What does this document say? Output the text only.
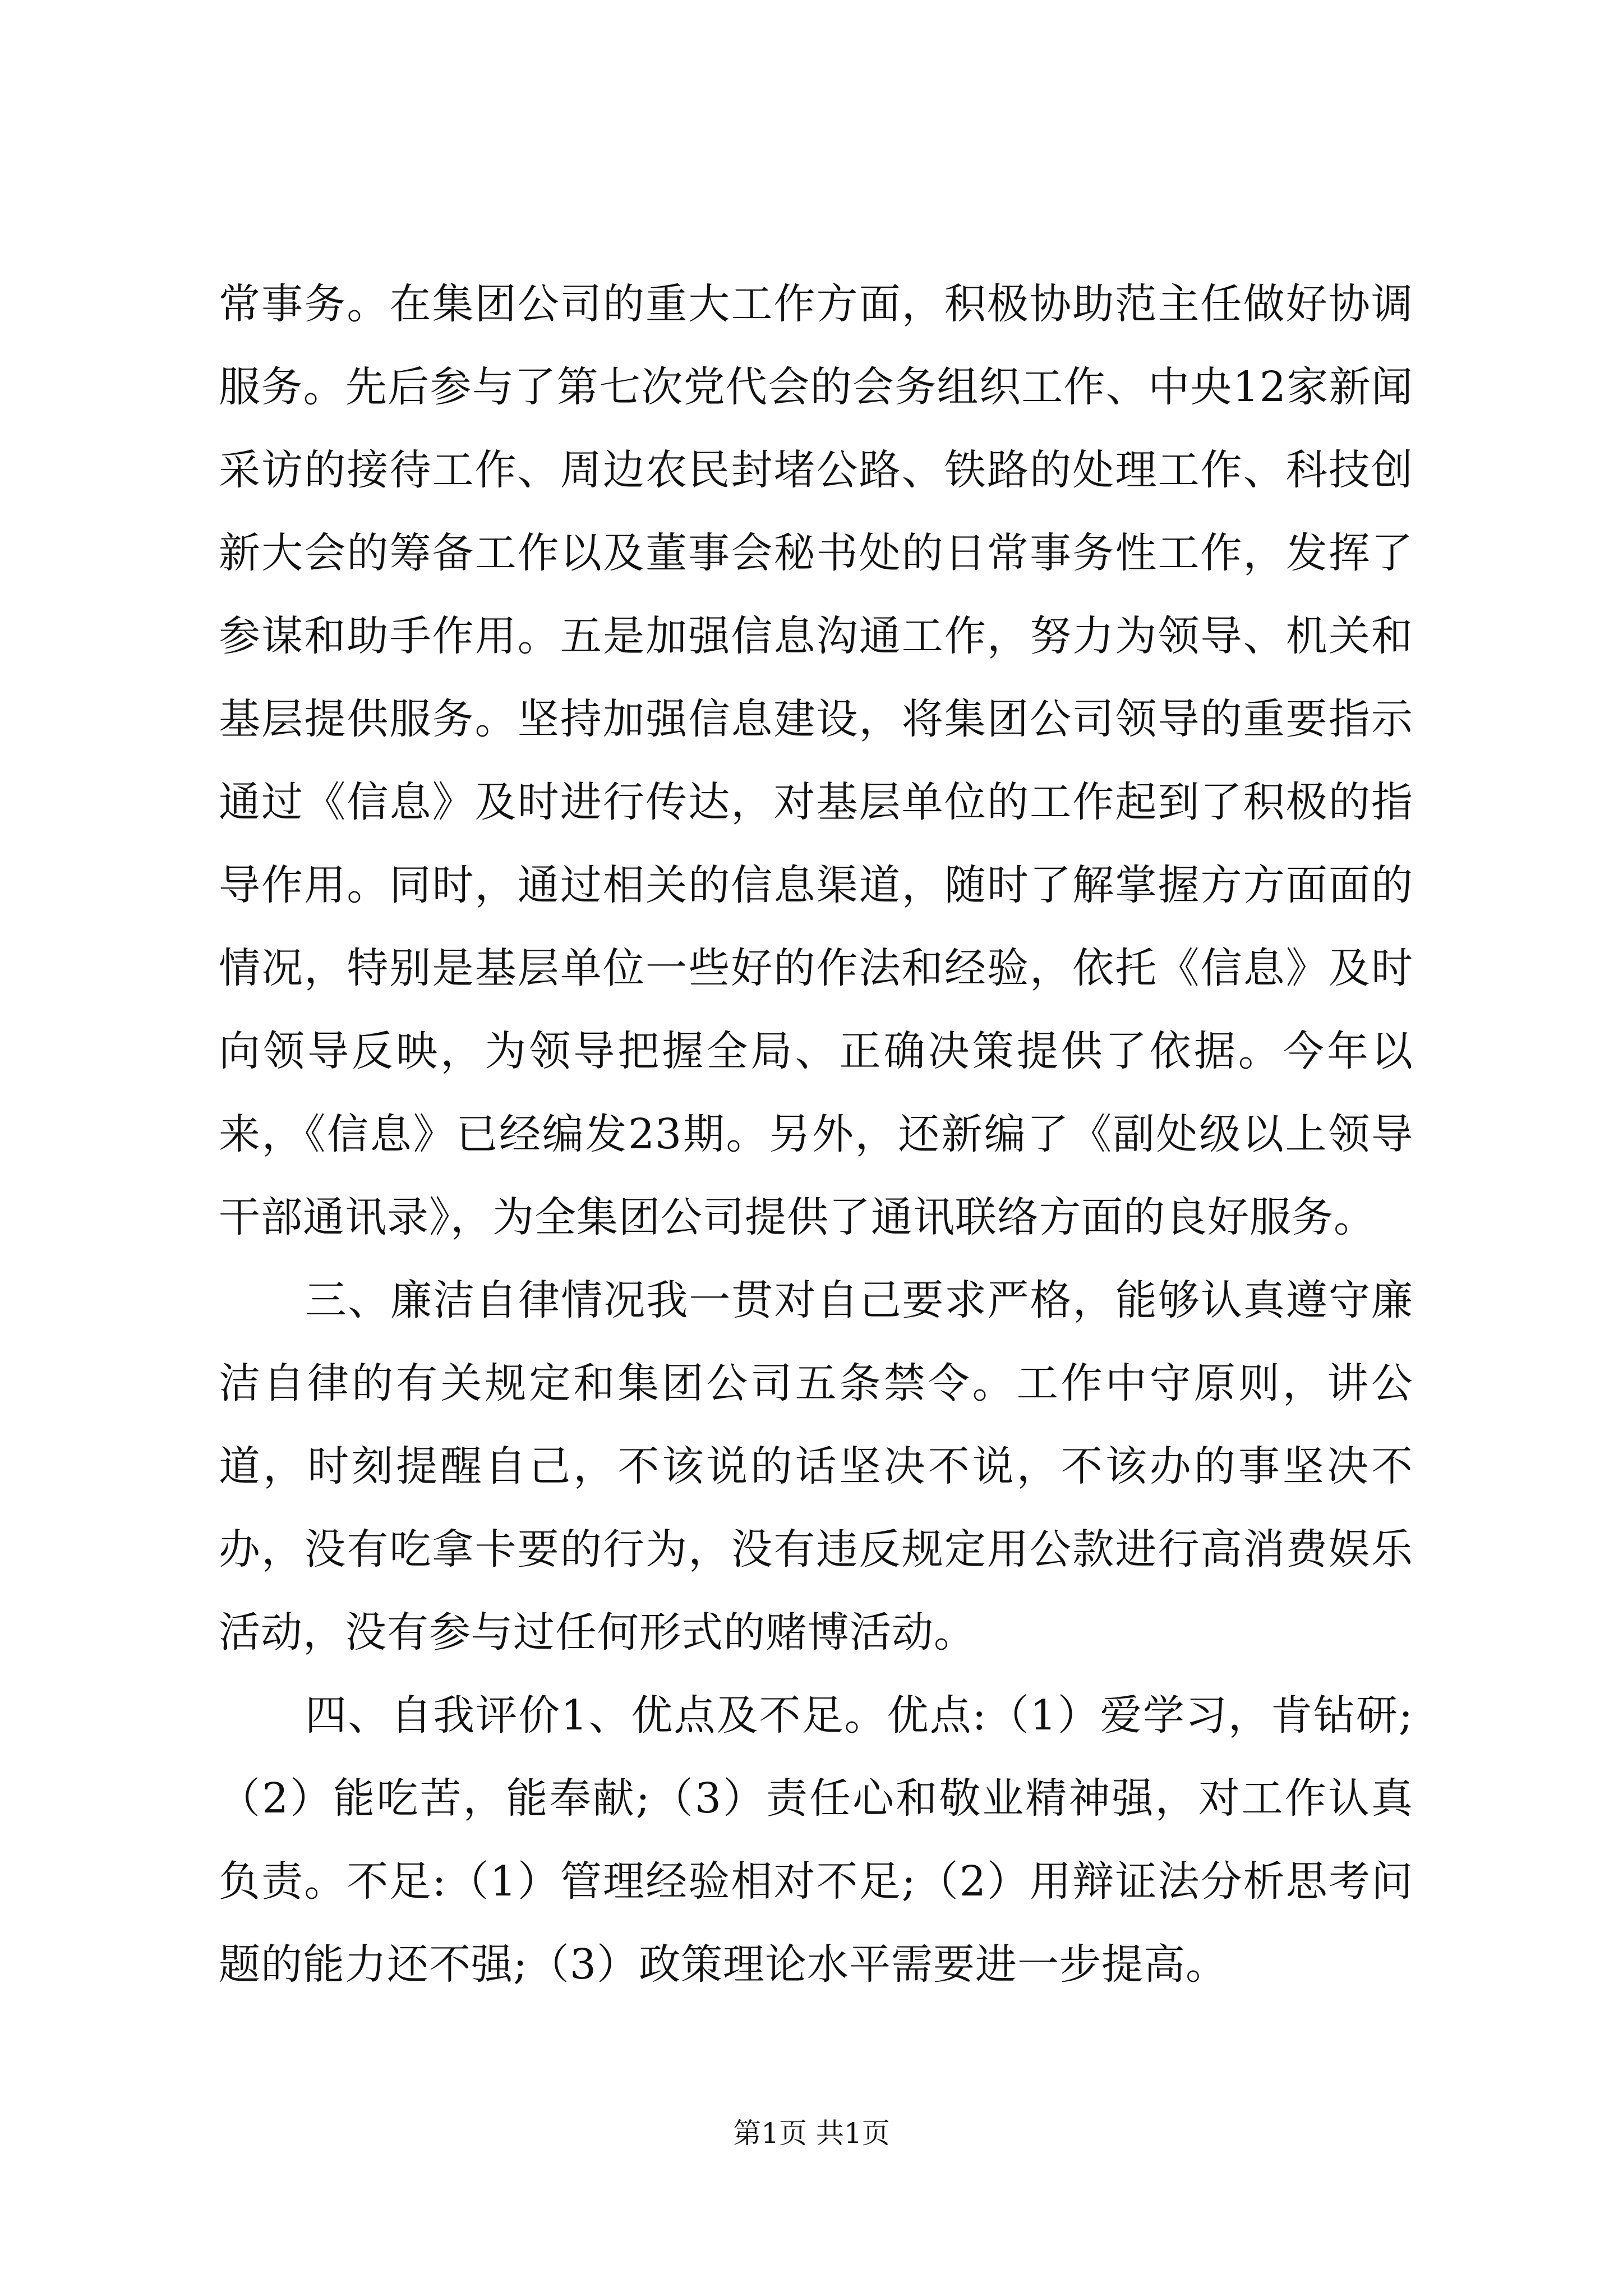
常事务。在集团公司的重大工作方面，积极协助范主任做好协调服务。先后参与了第七次党代会的会务组织工作、中央12家新闻采访的接待工作、周边农民封堵公路、铁路的处理工作、科技创新大会的筹备工作以及董事会秘书处的日常事务性工作，发挥了参谋和助手作用。五是加强信息沟通工作，努力为领导、机关和基层提供服务。坚持加强信息建设，将集团公司领导的重要指示通过《信息》及时进行传达，对基层单位的工作起到了积极的指导作用。同时，通过相关的信息渠道，随时了解掌握方方面面的情况，特别是基层单位一些好的作法和经验，依托《信息》及时向领导反映，为领导把握全局、正确决策提供了依据。今年以来，《信息》已经编发23期。另外，还新编了《副处级以上领导干部通讯录》，为全集团公司提供了通讯联络方面的良好服务。

三、廉洁自律情况我一贯对自己要求严格，能够认真遵守廉洁自律的有关规定和集团公司五条禁令。工作中守原则，讲公道，时刻提醒自己，不该说的话坚决不说，不该办的事坚决不办，没有吃拿卡要的行为，没有违反规定用公款进行高消费娱乐活动，没有参与过任何形式的赌博活动。

四、自我评价1、优点及不足。优点:（1）爱学习，肯钻研;（2）能吃苦，能奉献;（3）责任心和敬业精神强，对工作认真负责。不足:（1）管理经验相对不足;（2）用辩证法分析思考问题的能力还不强;（3）政策理论水平需要进一步提高。

第1页 共1页
